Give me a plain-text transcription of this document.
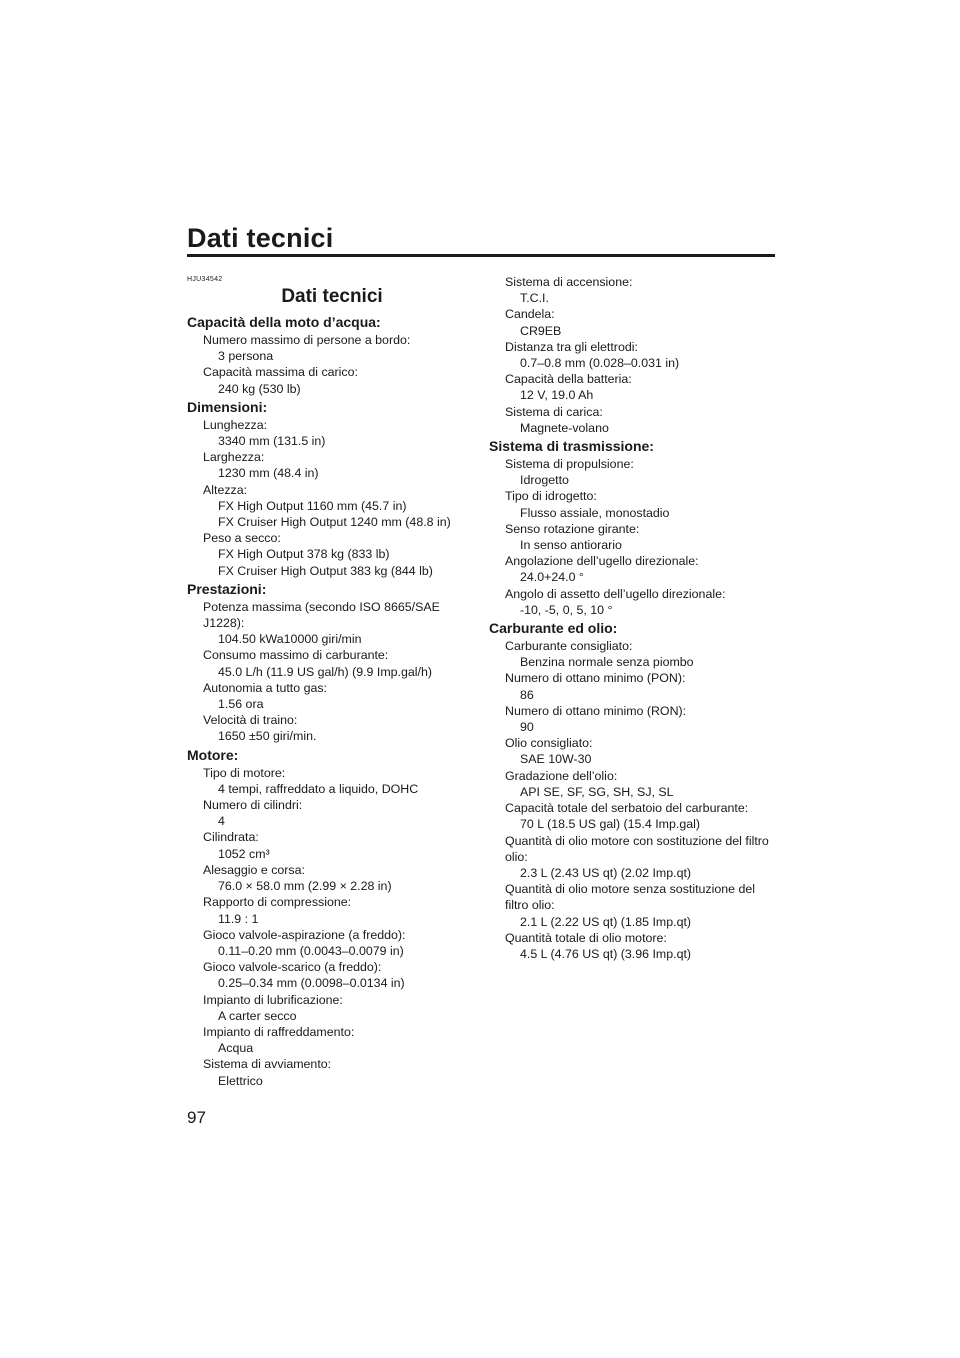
Dati tecnici
HJU34542
Dati tecnici
Capacità della moto d’acqua:
Numero massimo di persone a bordo:
3 persona
Capacità massima di carico:
240 kg (530 lb)
Dimensioni:
Lunghezza:
3340 mm (131.5 in)
Larghezza:
1230 mm (48.4 in)
Altezza:
FX High Output 1160 mm (45.7 in)
FX Cruiser High Output 1240 mm (48.8 in)
Peso a secco:
FX High Output 378 kg (833 lb)
FX Cruiser High Output 383 kg (844 lb)
Prestazioni:
Potenza massima (secondo ISO 8665/SAE
J1228):
104.50 kWa10000 giri/min
Consumo massimo di carburante:
45.0 L/h (11.9 US gal/h) (9.9 Imp.gal/h)
Autonomia a tutto gas:
1.56 ora
Velocità di traino:
1650 ±50 giri/min.
Motore:
Tipo di motore:
4 tempi, raffreddato a liquido, DOHC
Numero di cilindri:
4
Cilindrata:
1052 cm³
Alesaggio e corsa:
76.0 × 58.0 mm (2.99 × 2.28 in)
Rapporto di compressione:
11.9 : 1
Gioco valvole-aspirazione (a freddo):
0.11–0.20 mm (0.0043–0.0079 in)
Gioco valvole-scarico (a freddo):
0.25–0.34 mm (0.0098–0.0134 in)
Impianto di lubrificazione:
A carter secco
Impianto di raffreddamento:
Acqua
Sistema di avviamento:
Elettrico
Sistema di accensione:
T.C.I.
Candela:
CR9EB
Distanza tra gli elettrodi:
0.7–0.8 mm (0.028–0.031 in)
Capacità della batteria:
12 V, 19.0 Ah
Sistema di carica:
Magnete-volano
Sistema di trasmissione:
Sistema di propulsione:
Idrogetto
Tipo di idrogetto:
Flusso assiale, monostadio
Senso rotazione girante:
In senso antiorario
Angolazione dell’ugello direzionale:
24.0+24.0 °
Angolo di assetto dell’ugello direzionale:
-10, -5, 0, 5, 10 °
Carburante ed olio:
Carburante consigliato:
Benzina normale senza piombo
Numero di ottano minimo (PON):
86
Numero di ottano minimo (RON):
90
Olio consigliato:
SAE 10W-30
Gradazione dell’olio:
API SE, SF, SG, SH, SJ, SL
Capacità totale del serbatoio del carburante:
70 L (18.5 US gal) (15.4 Imp.gal)
Quantità di olio motore con sostituzione del filtro
olio:
2.3 L (2.43 US qt) (2.02 Imp.qt)
Quantità di olio motore senza sostituzione del
filtro olio:
2.1 L (2.22 US qt) (1.85 Imp.qt)
Quantità totale di olio motore:
4.5 L (4.76 US qt) (3.96 Imp.qt)
97
